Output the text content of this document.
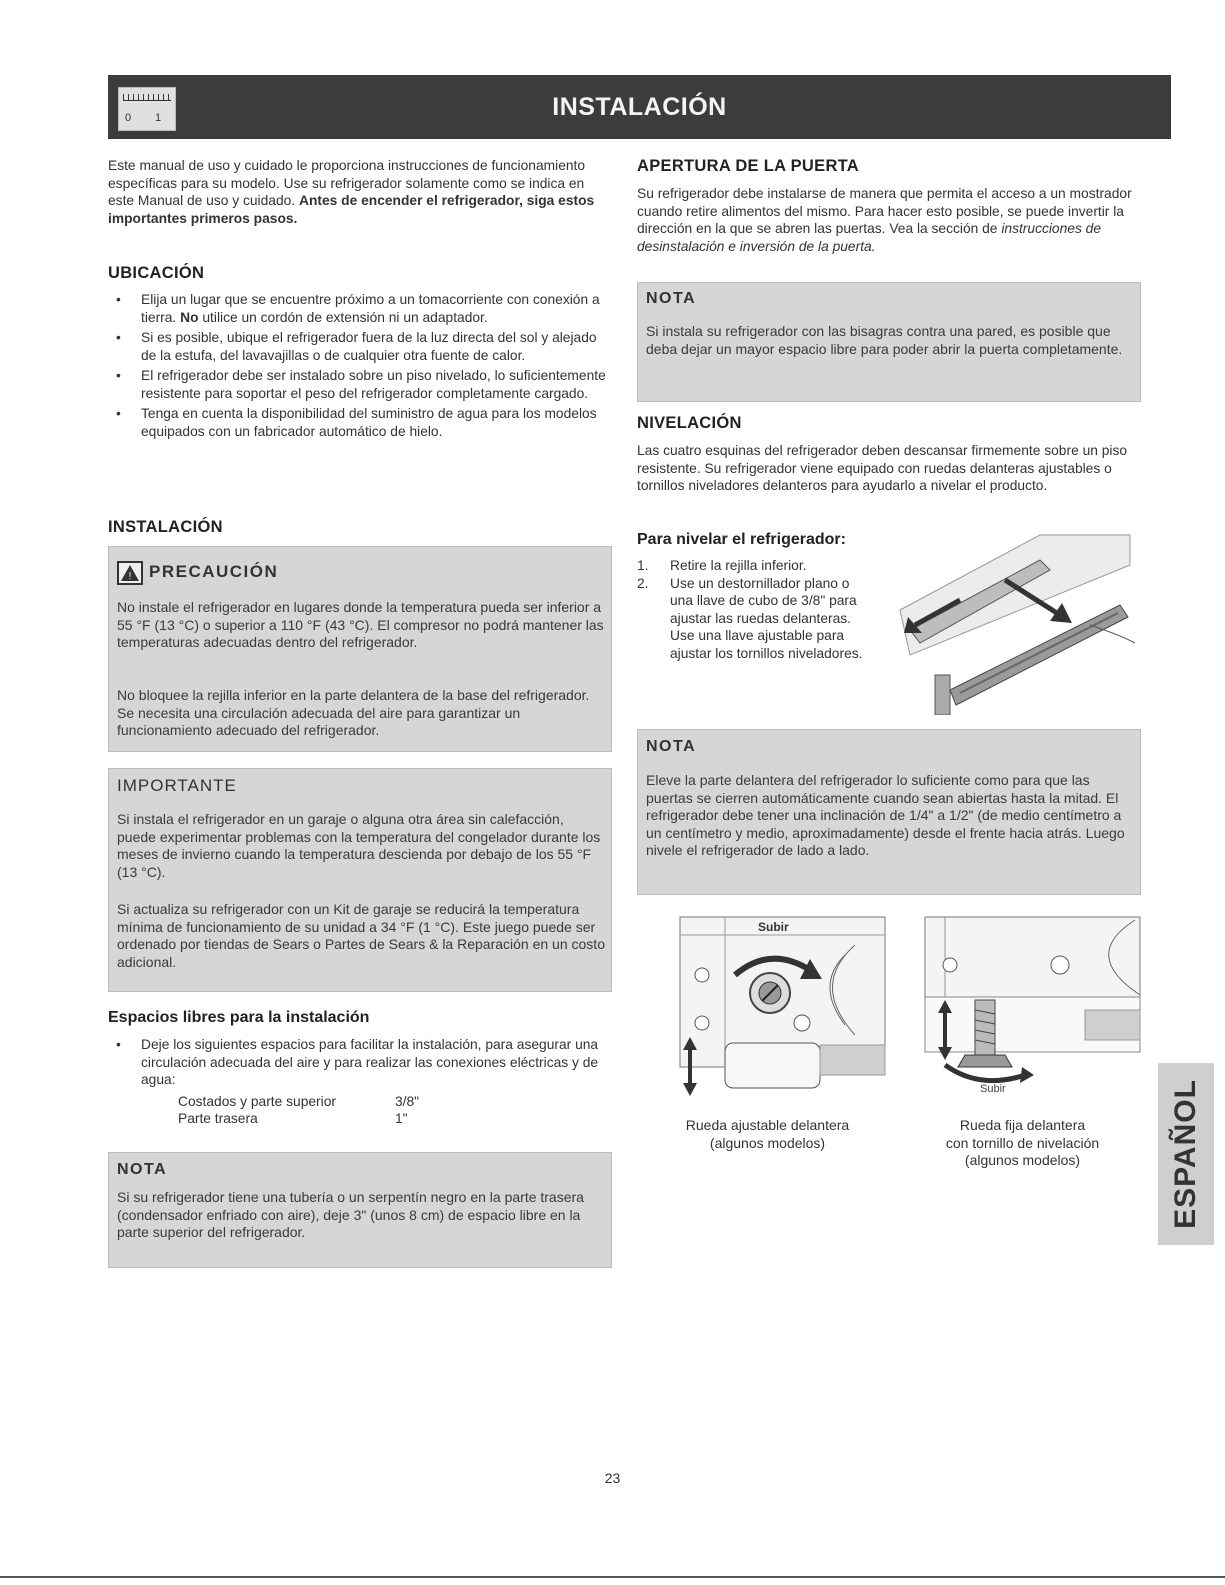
INSTALACIÓN
0 1
Este manual de uso y cuidado le proporciona instrucciones de funcionamiento específicas para su modelo. Use su refrigerador solamente como se indica en este Manual de uso y cuidado. Antes de encender el refrigerador, siga estos importantes primeros pasos.
UBICACIÓN
• Elija un lugar que se encuentre próximo a un tomacorriente con conexión a tierra. No utilice un cordón de extensión ni un adaptador.
• Si es posible, ubique el refrigerador fuera de la luz directa del sol y alejado de la estufa, del lavavajillas o de cualquier otra fuente de calor.
• El refrigerador debe ser instalado sobre un piso nivelado, lo suficientemente resistente para soportar el peso del refrigerador completamente cargado.
• Tenga en cuenta la disponibilidad del suministro de agua para los modelos equipados con un fabricador automático de hielo.
INSTALACIÓN
! PRECAUCIÓN
No instale el refrigerador en lugares donde la temperatura pueda ser inferior a 55 °F (13 °C) o superior a 110 °F (43 °C). El compresor no podrá mantener las temperaturas adecuadas dentro del refrigerador.
No bloquee la rejilla inferior en la parte delantera de la base del refrigerador. Se necesita una circulación adecuada del aire para garantizar un funcionamiento adecuado del refrigerador.
IMPORTANTE
Si instala el refrigerador en un garaje o alguna otra área sin calefacción, puede experimentar problemas con la temperatura del congelador durante los meses de invierno cuando la temperatura descienda por debajo de los 55 °F (13 °C).
Si actualiza su refrigerador con un Kit de garaje se reducirá la temperatura mínima de funcionamiento de su unidad a 34 °F (1 °C). Este juego puede ser ordenado por tiendas de Sears o Partes de Sears & la Reparación en un costo adicional.
Espacios libres para la instalación
• Deje los siguientes espacios para facilitar la instalación, para asegurar una circulación adecuada del aire y para realizar las conexiones eléctricas y de agua:
Costados y parte superior	3/8"
Parte trasera	1"
NOTA
Si su refrigerador tiene una tubería o un serpentín negro en la parte trasera (condensador enfriado con aire), deje 3" (unos 8 cm) de espacio libre en la parte superior del refrigerador.
APERTURA DE LA PUERTA
Su refrigerador debe instalarse de manera que permita el acceso a un mostrador cuando retire alimentos del mismo. Para hacer esto posible, se puede invertir la dirección en la que se abren las puertas. Vea la sección de instrucciones de desinstalación e inversión de la puerta.
NOTA
Si instala su refrigerador con las bisagras contra una pared, es posible que deba dejar un mayor espacio libre para poder abrir la puerta completamente.
NIVELACIÓN
Las cuatro esquinas del refrigerador deben descansar firmemente sobre un piso resistente. Su refrigerador viene equipado con ruedas delanteras ajustables o tornillos niveladores delanteros para ayudarlo a nivelar el producto.
Para nivelar el refrigerador:
1. Retire la rejilla inferior.
2. Use un destornillador plano o una llave de cubo de 3/8" para ajustar las ruedas delanteras. Use una llave ajustable para ajustar los tornillos niveladores.
NOTA
Eleve la parte delantera del refrigerador lo suficiente como para que las puertas se cierren automáticamente cuando sean abiertas hasta la mitad. El refrigerador debe tener una inclinación de 1/4" a 1/2" (de medio centímetro a un centímetro y medio, aproximadamente) desde el frente hacia atrás. Luego nivele el refrigerador de lado a lado.
Subir
Rueda ajustable delantera
(algunos modelos)
Subir
Rueda fija delantera
con tornillo de nivelación
(algunos modelos)	ESPAÑOL
23
